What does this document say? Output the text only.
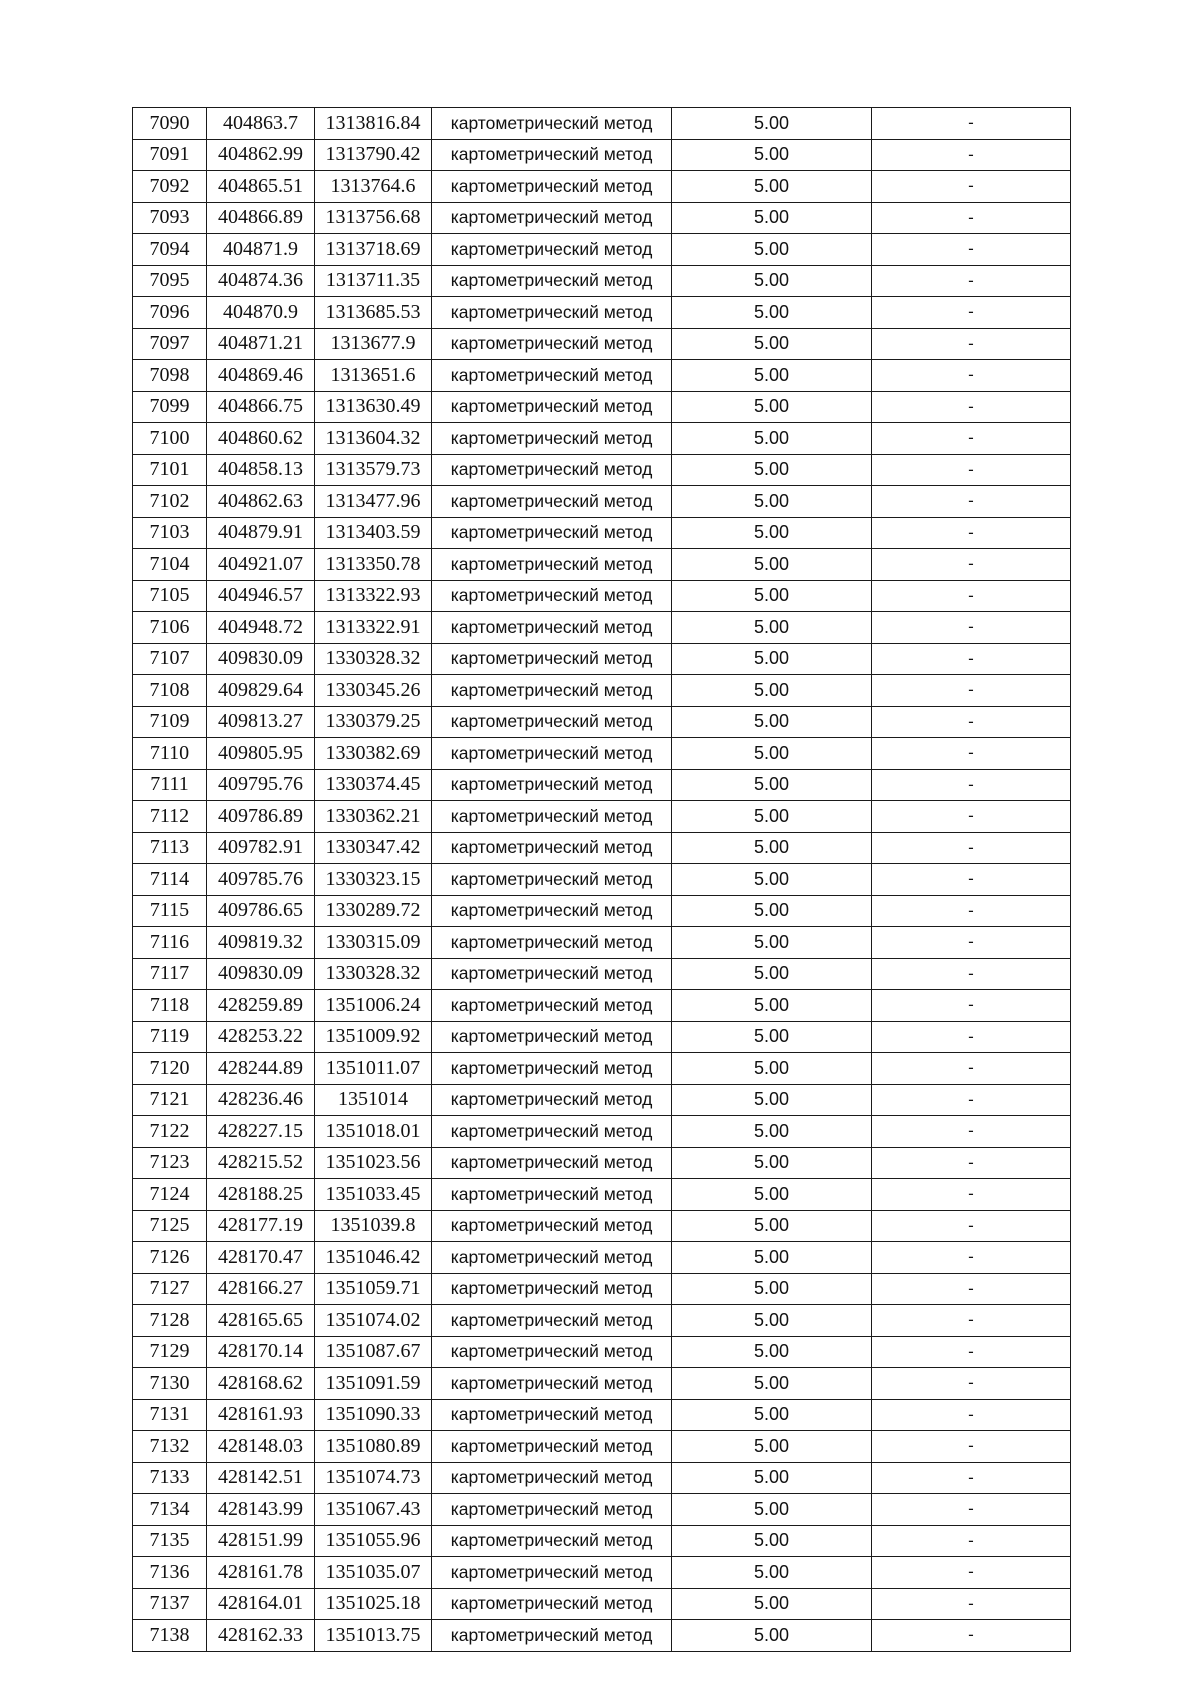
7090	404863.7	1313816.84	картометрический метод	5.00	-
7091	404862.99	1313790.42	картометрический метод	5.00	-
7092	404865.51	1313764.6	картометрический метод	5.00	-
7093	404866.89	1313756.68	картометрический метод	5.00	-
7094	404871.9	1313718.69	картометрический метод	5.00	-
7095	404874.36	1313711.35	картометрический метод	5.00	-
7096	404870.9	1313685.53	картометрический метод	5.00	-
7097	404871.21	1313677.9	картометрический метод	5.00	-
7098	404869.46	1313651.6	картометрический метод	5.00	-
7099	404866.75	1313630.49	картометрический метод	5.00	-
7100	404860.62	1313604.32	картометрический метод	5.00	-
7101	404858.13	1313579.73	картометрический метод	5.00	-
7102	404862.63	1313477.96	картометрический метод	5.00	-
7103	404879.91	1313403.59	картометрический метод	5.00	-
7104	404921.07	1313350.78	картометрический метод	5.00	-
7105	404946.57	1313322.93	картометрический метод	5.00	-
7106	404948.72	1313322.91	картометрический метод	5.00	-
7107	409830.09	1330328.32	картометрический метод	5.00	-
7108	409829.64	1330345.26	картометрический метод	5.00	-
7109	409813.27	1330379.25	картометрический метод	5.00	-
7110	409805.95	1330382.69	картометрический метод	5.00	-
7111	409795.76	1330374.45	картометрический метод	5.00	-
7112	409786.89	1330362.21	картометрический метод	5.00	-
7113	409782.91	1330347.42	картометрический метод	5.00	-
7114	409785.76	1330323.15	картометрический метод	5.00	-
7115	409786.65	1330289.72	картометрический метод	5.00	-
7116	409819.32	1330315.09	картометрический метод	5.00	-
7117	409830.09	1330328.32	картометрический метод	5.00	-
7118	428259.89	1351006.24	картометрический метод	5.00	-
7119	428253.22	1351009.92	картометрический метод	5.00	-
7120	428244.89	1351011.07	картометрический метод	5.00	-
7121	428236.46	1351014	картометрический метод	5.00	-
7122	428227.15	1351018.01	картометрический метод	5.00	-
7123	428215.52	1351023.56	картометрический метод	5.00	-
7124	428188.25	1351033.45	картометрический метод	5.00	-
7125	428177.19	1351039.8	картометрический метод	5.00	-
7126	428170.47	1351046.42	картометрический метод	5.00	-
7127	428166.27	1351059.71	картометрический метод	5.00	-
7128	428165.65	1351074.02	картометрический метод	5.00	-
7129	428170.14	1351087.67	картометрический метод	5.00	-
7130	428168.62	1351091.59	картометрический метод	5.00	-
7131	428161.93	1351090.33	картометрический метод	5.00	-
7132	428148.03	1351080.89	картометрический метод	5.00	-
7133	428142.51	1351074.73	картометрический метод	5.00	-
7134	428143.99	1351067.43	картометрический метод	5.00	-
7135	428151.99	1351055.96	картометрический метод	5.00	-
7136	428161.78	1351035.07	картометрический метод	5.00	-
7137	428164.01	1351025.18	картометрический метод	5.00	-
7138	428162.33	1351013.75	картометрический метод	5.00	-
